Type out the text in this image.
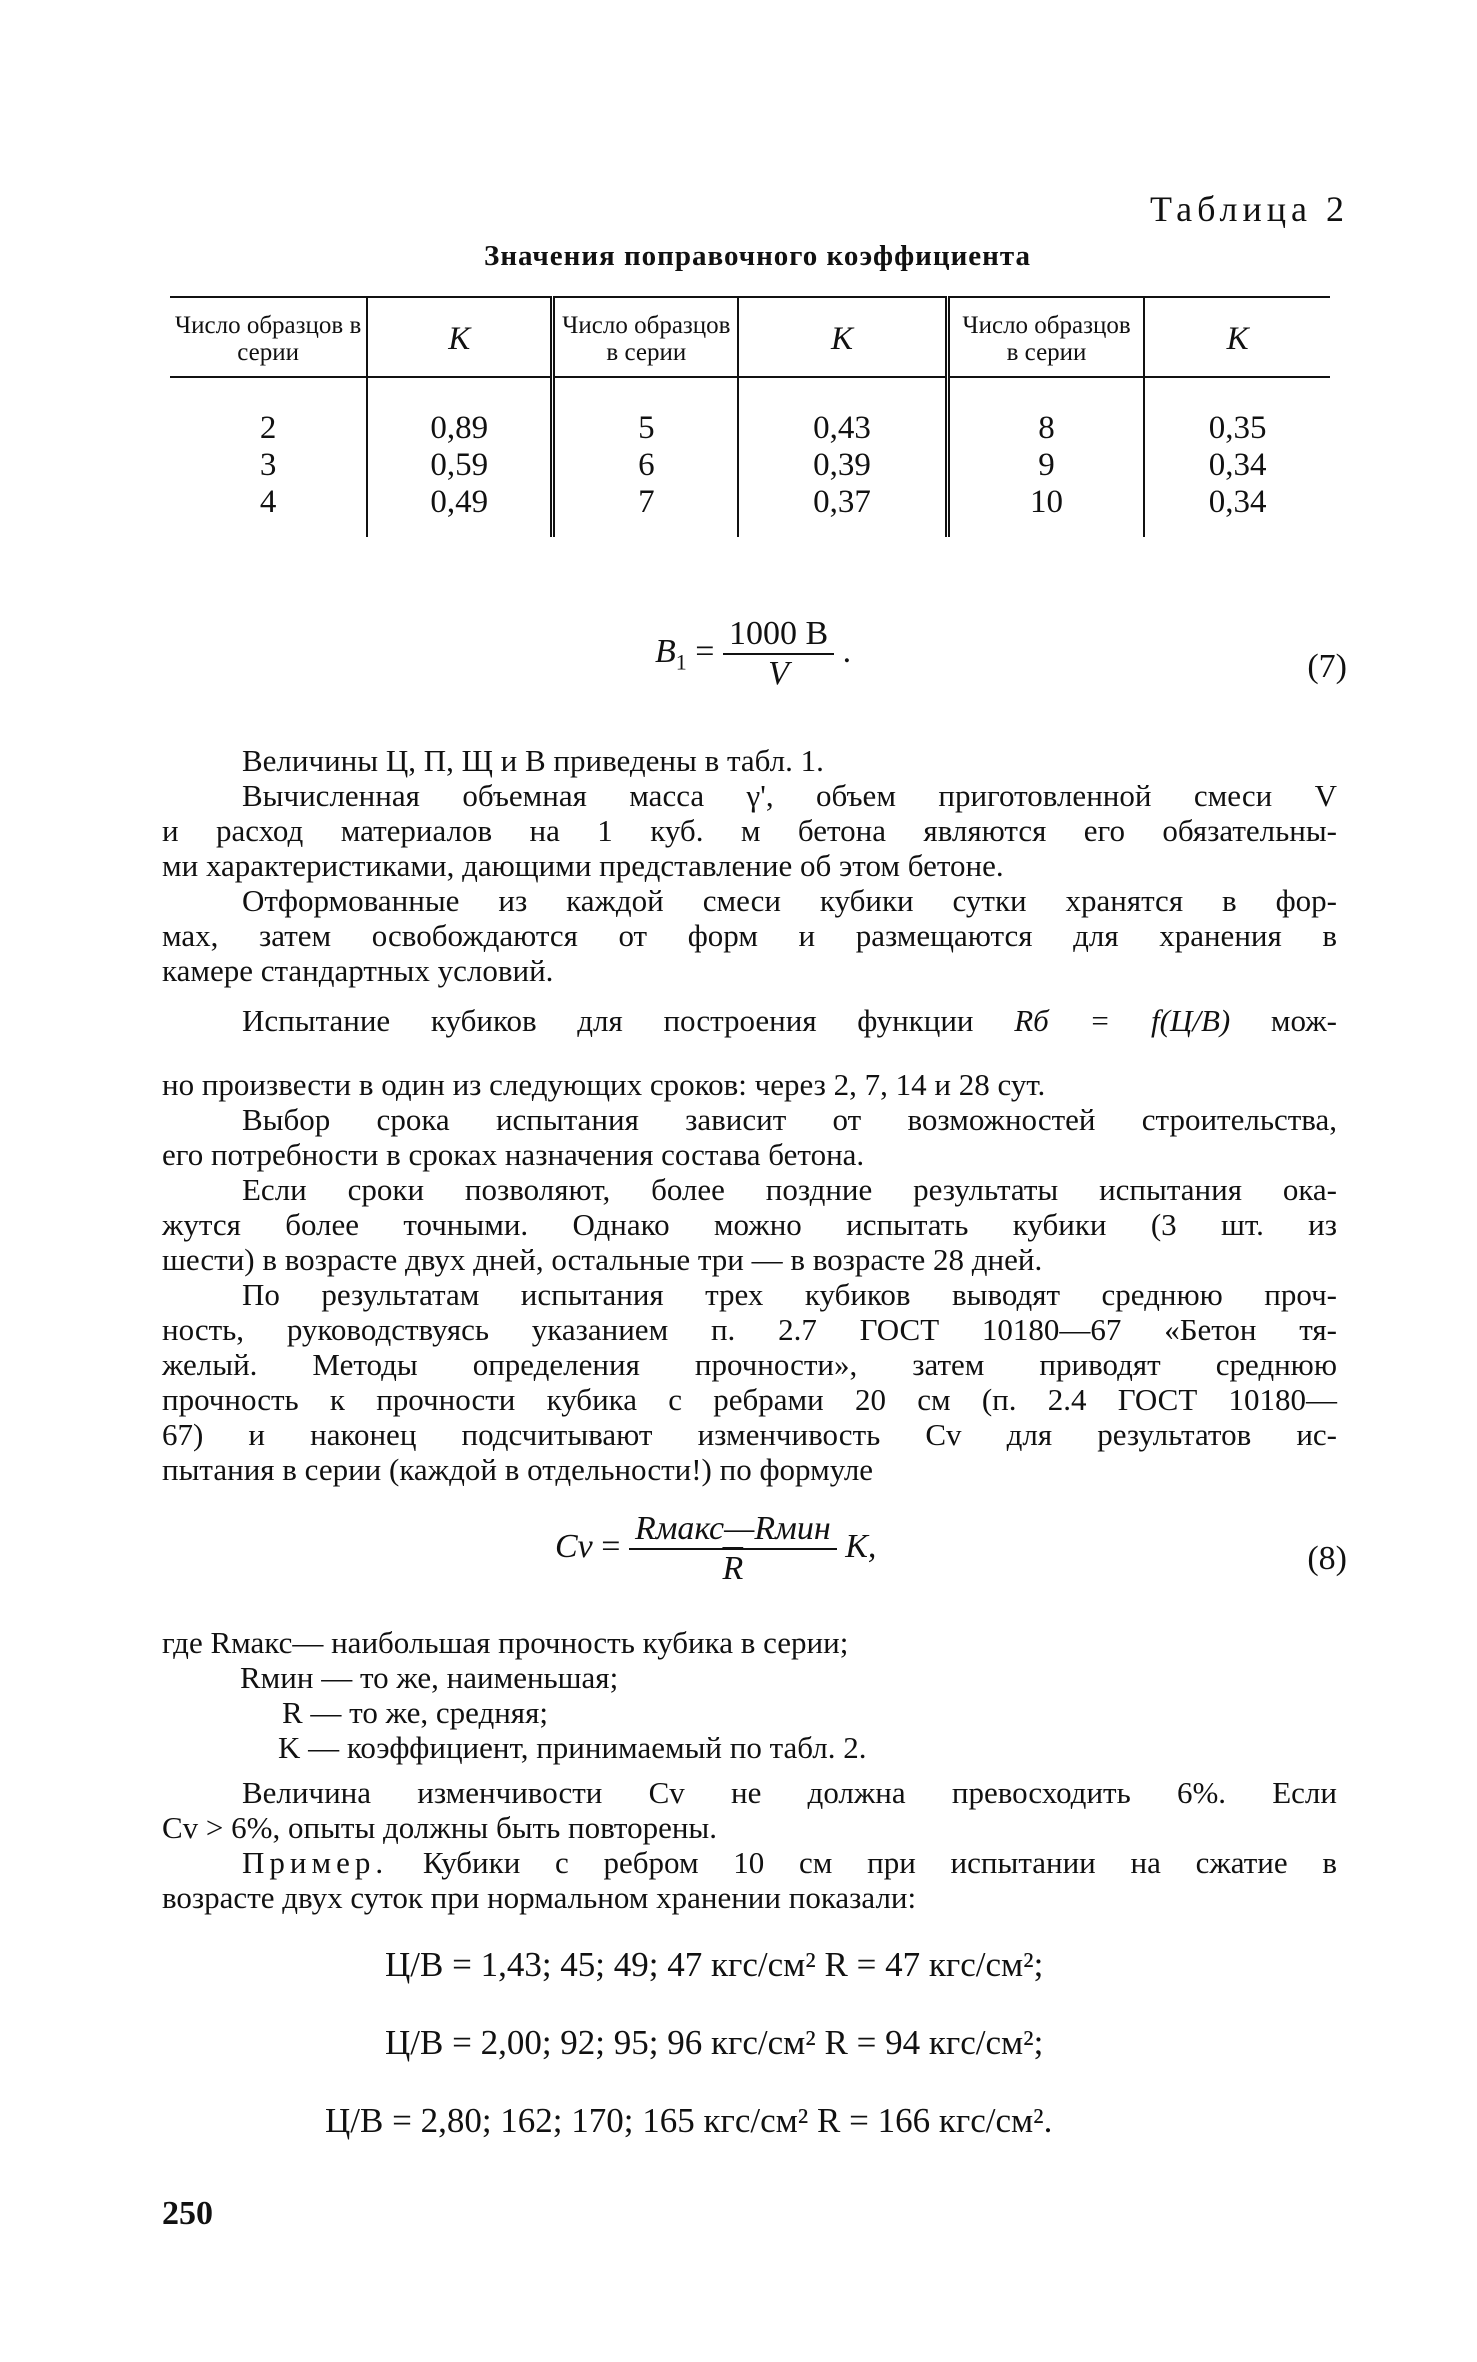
Таблица 2
Значения поправочного коэффициента
Число образцов в серии	K	Число образцов в серии	K	Число образцов в серии	K
2	0,89	5	0,43	8	0,35
3	0,59	6	0,39	9	0,34
4	0,49	7	0,37	10	0,34
$B_1 = \frac{1000 B}{V}$ .	(7)
Величины Ц, П, Щ и В приведены в табл. 1.
Вычисленная объемная масса γ', объем приготовленной смеси V
и расход материалов на 1 куб. м бетона являются его обязательны-
ми характеристиками, дающими представление об этом бетоне.
Отформованные из каждой смеси кубики сутки хранятся в фор-
мах, затем освобождаются от форм и размещаются для хранения в
камере стандартных условий.
Испытание кубиков для построения функции Rб = f(Ц/В) мож-
но произвести в один из следующих сроков: через 2, 7, 14 и 28 сут.
Выбор срока испытания зависит от возможностей строительства,
его потребности в сроках назначения состава бетона.
Если сроки позволяют, более поздние результаты испытания ока-
жутся более точными. Однако можно испытать кубики (3 шт. из
шести) в возрасте двух дней, остальные три — в возрасте 28 дней.
По результатам испытания трех кубиков выводят среднюю проч-
ность, руководствуясь указанием п. 2.7 ГОСТ 10180—67 «Бетон тя-
желый. Методы определения прочности», затем приводят среднюю
прочность к прочности кубика с ребрами 20 см (п. 2.4 ГОСТ 10180—
67) и наконец подсчитывают изменчивость Cv для результатов ис-
пытания в серии (каждой в отдельности!) по формуле
$Cv = \frac{\text{Rмакс—Rмин}}{R} K$,	(8)
где Rмакс— наибольшая прочность кубика в серии;
Rмин — то же, наименьшая;
R — то же, средняя;
K — коэффициент, принимаемый по табл. 2.
Величина изменчивости Cv не должна превосходить 6%. Если
Cv > 6%, опыты должны быть повторены.
Пример. Кубики с ребром 10 см при испытании на сжатие в
возрасте двух суток при нормальном хранении показали:
Ц/В = 1,43; 45; 49; 47 кгс/см² R = 47 кгс/см²;
Ц/В = 2,00; 92; 95; 96 кгс/см² R = 94 кгс/см²;
Ц/В = 2,80; 162; 170; 165 кгс/см² R = 166 кгс/см².
250
